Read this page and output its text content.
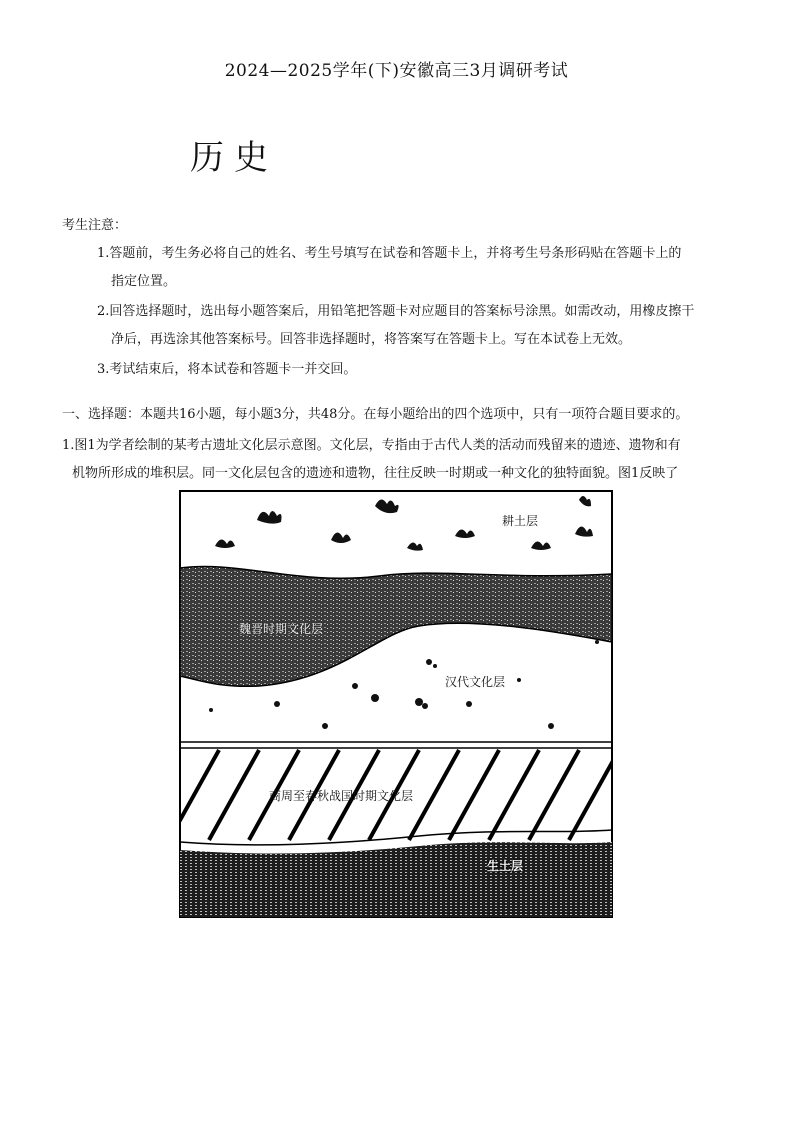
2024—2025学年(下)安徽高三3月调研考试
历史
考生注意：
1.答题前，考生务必将自己的姓名、考生号填写在试卷和答题卡上，并将考生号条形码贴在答题卡上的
指定位置。
2.回答选择题时，选出每小题答案后，用铅笔把答题卡对应题目的答案标号涂黑。如需改动，用橡皮擦干
净后，再选涂其他答案标号。回答非选择题时，将答案写在答题卡上。写在本试卷上无效。
3.考试结束后，将本试卷和答题卡一并交回。
一、选择题：本题共16小题，每小题3分，共48分。在每小题给出的四个选项中，只有一项符合题目要求的。
1.图1为学者绘制的某考古遗址文化层示意图。文化层，专指由于古代人类的活动而残留来的遗迹、遗物和有
机物所形成的堆积层。同一文化层包含的遗迹和遗物，往往反映一时期或一种文化的独特面貌。图1反映了
耕土层
魏晋时期文化层
汉代文化层
商周至春秋战国时期文化层
生土层
